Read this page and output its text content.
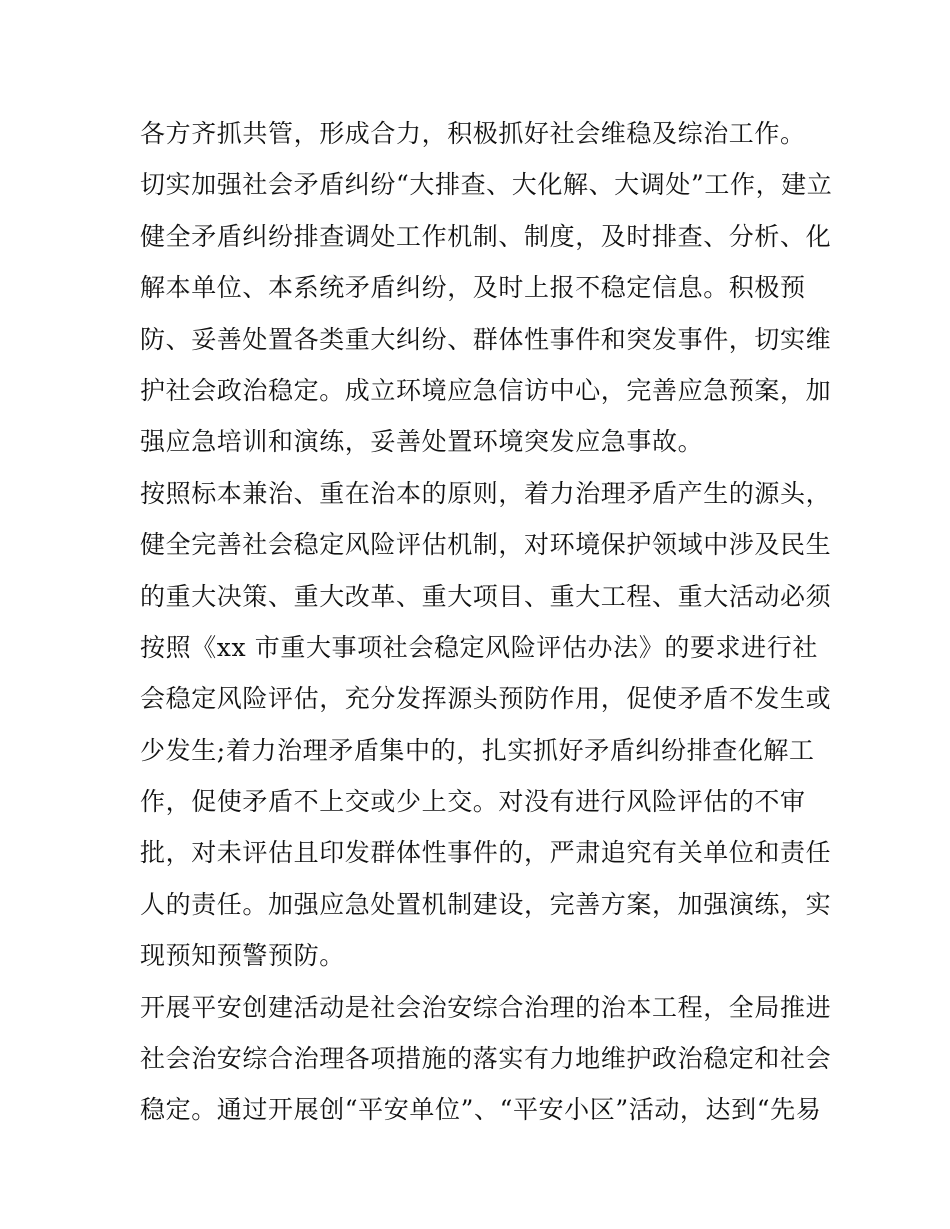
各方齐抓共管，形成合力，积极抓好社会维稳及综治工作。
切实加强社会矛盾纠纷“大排查、大化解、大调处”工作，建立
健全矛盾纠纷排查调处工作机制、制度，及时排查、分析、化
解本单位、本系统矛盾纠纷，及时上报不稳定信息。积极预
防、妥善处置各类重大纠纷、群体性事件和突发事件，切实维
护社会政治稳定。成立环境应急信访中心，完善应急预案，加
强应急培训和演练，妥善处置环境突发应急事故。
按照标本兼治、重在治本的原则，着力治理矛盾产生的源头，
健全完善社会稳定风险评估机制，对环境保护领域中涉及民生
的重大决策、重大改革、重大项目、重大工程、重大活动必须
按照《xx 市重大事项社会稳定风险评估办法》的要求进行社
会稳定风险评估，充分发挥源头预防作用，促使矛盾不发生或
少发生;着力治理矛盾集中的，扎实抓好矛盾纠纷排查化解工
作，促使矛盾不上交或少上交。对没有进行风险评估的不审
批，对未评估且印发群体性事件的，严肃追究有关单位和责任
人的责任。加强应急处置机制建设，完善方案，加强演练，实
现预知预警预防。
开展平安创建活动是社会治安综合治理的治本工程，全局推进
社会治安综合治理各项措施的落实有力地维护政治稳定和社会
稳定。通过开展创“平安单位”、“平安小区”活动，达到“先易
